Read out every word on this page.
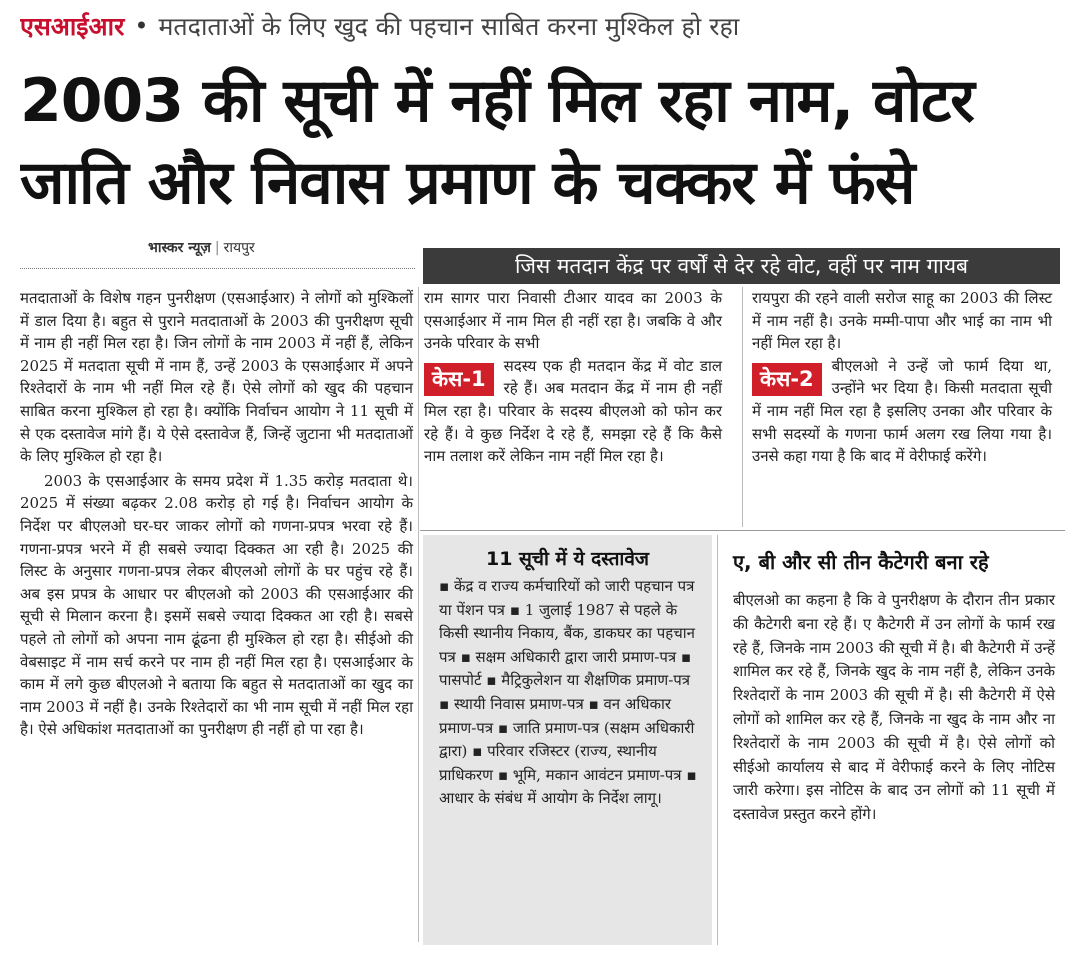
एसआईआर • मतदाताओं के लिए खुद की पहचान साबित करना मुश्किल हो रहा
2003 की सूची में नहीं मिल रहा नाम, वोटर
जाति और निवास प्रमाण के चक्कर में फंसे
भास्कर न्यूज़ | रायपुर
जिस मतदान केंद्र पर वर्षों से देर रहे वोट, वहीं पर नाम गायब

मतदाताओं के विशेष गहन पुनरीक्षण (एसआईआर) ने लोगों को मुश्किलों में डाल दिया है। बहुत से पुराने मतदाताओं के 2003 की पुनरीक्षण सूची में नाम ही नहीं मिल रहा है। जिन लोगों के नाम 2003 में नहीं हैं, लेकिन 2025 में मतदाता सूची में नाम हैं, उन्हें 2003 के एसआईआर में अपने रिश्तेदारों के नाम भी नहीं मिल रहे हैं। ऐसे लोगों को खुद की पहचान साबित करना मुश्किल हो रहा है। क्योंकि निर्वाचन आयोग ने 11 सूची में से एक दस्तावेज मांगे हैं। ये ऐसे दस्तावेज हैं, जिन्हें जुटाना भी मतदाताओं के लिए मुश्किल हो रहा है।

2003 के एसआईआर के समय प्रदेश में 1.35 करोड़ मतदाता थे। 2025 में संख्या बढ़कर 2.08 करोड़ हो गई है। निर्वाचन आयोग के निर्देश पर बीएलओ घर-घर जाकर लोगों को गणना-प्रपत्र भरवा रहे हैं। गणना-प्रपत्र भरने में ही सबसे ज्यादा दिक्कत आ रही है। 2025 की लिस्ट के अनुसार गणना-प्रपत्र लेकर बीएलओ लोगों के घर पहुंच रहे हैं। अब इस प्रपत्र के आधार पर बीएलओ को 2003 की एसआईआर की सूची से मिलान करना है। इसमें सबसे ज्यादा दिक्कत आ रही है। सबसे पहले तो लोगों को अपना नाम ढूंढना ही मुश्किल हो रहा है। सीईओ की वेबसाइट में नाम सर्च करने पर नाम ही नहीं मिल रहा है। एसआईआर के काम में लगे कुछ बीएलओ ने बताया कि बहुत से मतदाताओं का खुद का नाम 2003 में नहीं है। उनके रिश्तेदारों का भी नाम सूची में नहीं मिल रहा है। ऐसे अधिकांश मतदाताओं का पुनरीक्षण ही नहीं हो पा रहा है।

राम सागर पारा निवासी टीआर यादव का 2003 के एसआईआर में नाम मिल ही नहीं रहा है। जबकि वे और उनके परिवार के सभी

केस-1

सदस्य एक ही मतदान केंद्र में वोट डाल रहे हैं। अब मतदान केंद्र में नाम ही नहीं मिल रहा है। परिवार के सदस्य बीएलओ को फोन कर रहे हैं। वे कुछ निर्देश दे रहे हैं, समझा रहे हैं कि कैसे नाम तलाश करें लेकिन नाम नहीं मिल रहा है।

रायपुरा की रहने वाली सरोज साहू का 2003 की लिस्ट में नाम नहीं है। उनके मम्मी-पापा और भाई का नाम भी नहीं मिल रहा है।

केस-2

बीएलओ ने उन्हें जो फार्म दिया था, उन्होंने भर दिया है। किसी मतदाता सूची में नाम नहीं मिल रहा है इसलिए उनका और परिवार के सभी सदस्यों के गणना फार्म अलग रख लिया गया है। उनसे कहा गया है कि बाद में वेरीफाई करेंगे।

11 सूची में ये दस्तावेज
▪ केंद्र व राज्य कर्मचारियों को जारी पहचान पत्र या पेंशन पत्र ▪ 1 जुलाई 1987 से पहले के किसी स्थानीय निकाय, बैंक, डाकघर का पहचान पत्र ▪ सक्षम अधिकारी द्वारा जारी प्रमाण-पत्र ▪ पासपोर्ट ▪ मैट्रिकुलेशन या शैक्षणिक प्रमाण-पत्र ▪ स्थायी निवास प्रमाण-पत्र ▪ वन अधिकार प्रमाण-पत्र ▪ जाति प्रमाण-पत्र (सक्षम अधिकारी द्वारा) ▪ परिवार रजिस्टर (राज्य, स्थानीय प्राधिकरण ▪ भूमि, मकान आवंटन प्रमाण-पत्र ▪ आधार के संबंध में आयोग के निर्देश लागू।
ए, बी और सी तीन कैटेगरी बना रहे

बीएलओ का कहना है कि वे पुनरीक्षण के दौरान तीन प्रकार की कैटेगरी बना रहे हैं। ए कैटेगरी में उन लोगों के फार्म रख रहे हैं, जिनके नाम 2003 की सूची में है। बी कैटेगरी में उन्हें शामिल कर रहे हैं, जिनके खुद के नाम नहीं है, लेकिन उनके रिश्तेदारों के नाम 2003 की सूची में है। सी कैटेगरी में ऐसे लोगों को शामिल कर रहे हैं, जिनके ना खुद के नाम और ना रिश्तेदारों के नाम 2003 की सूची में है। ऐसे लोगों को सीईओ कार्यालय से बाद में वेरीफाई करने के लिए नोटिस जारी करेगा। इस नोटिस के बाद उन लोगों को 11 सूची में दस्तावेज प्रस्तुत करने होंगे।
